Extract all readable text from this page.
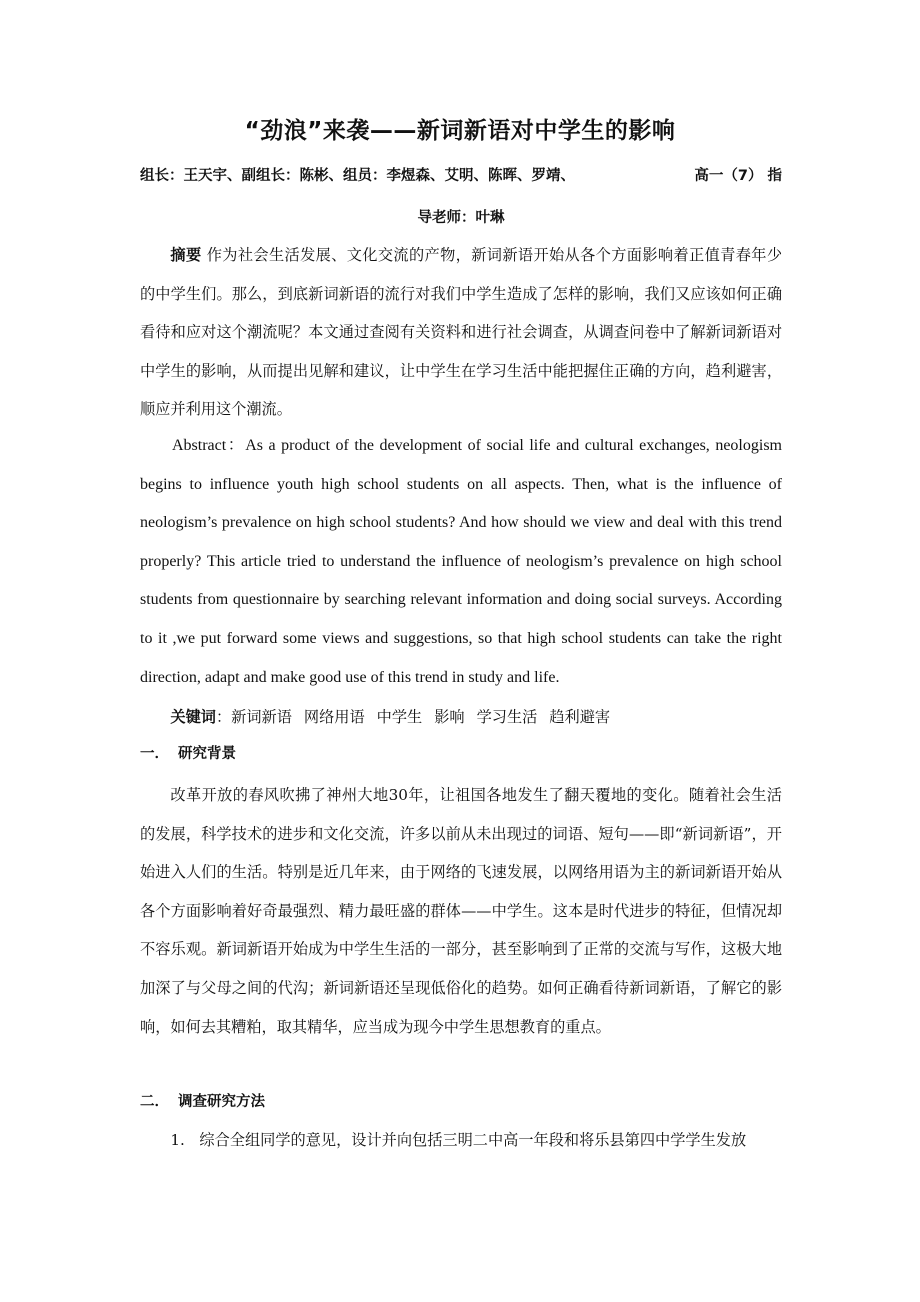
“劲浪”来袭——新词新语对中学生的影响
组长：王天宇、副组长：陈彬、组员：李煜森、艾明、陈晖、罗靖、	高一（7） 指
导老师：叶琳

摘要 作为社会生活发展、文化交流的产物，新词新语开始从各个方面影响着正值青春年少的中学生们。那么，到底新词新语的流行对我们中学生造成了怎样的影响，我们又应该如何正确看待和应对这个潮流呢？本文通过查阅有关资料和进行社会调查，从调查问卷中了解新词新语对中学生的影响，从而提出见解和建议，让中学生在学习生活中能把握住正确的方向，趋利避害，顺应并利用这个潮流。

Abstract：As a product of the development of social life and cultural exchanges, neologism begins to influence youth high school students on all aspects. Then, what is the influence of neologism’s prevalence on high school students? And how should we view and deal with this trend properly? This article tried to understand the influence of neologism’s prevalence on high school students from questionnaire by searching relevant information and doing social surveys. According to it ,we put forward some views and suggestions, so that high school students can take the right direction, adapt and make good use of this trend in study and life.

关键词：新词新语 网络用语 中学生 影响 学习生活 趋利避害
一． 研究背景

改革开放的春风吹拂了神州大地30年，让祖国各地发生了翻天覆地的变化。随着社会生活的发展，科学技术的进步和文化交流，许多以前从未出现过的词语、短句——即“新词新语”，开始进入人们的生活。特别是近几年来，由于网络的飞速发展，以网络用语为主的新词新语开始从各个方面影响着好奇最强烈、精力最旺盛的群体——中学生。这本是时代进步的特征，但情况却不容乐观。新词新语开始成为中学生生活的一部分，甚至影响到了正常的交流与写作，这极大地加深了与父母之间的代沟；新词新语还呈现低俗化的趋势。如何正确看待新词新语，了解它的影响，如何去其糟粕，取其精华，应当成为现今中学生思想教育的重点。

二． 调查研究方法

1. 综合全组同学的意见，设计并向包括三明二中高一年段和将乐县第四中学学生发放
